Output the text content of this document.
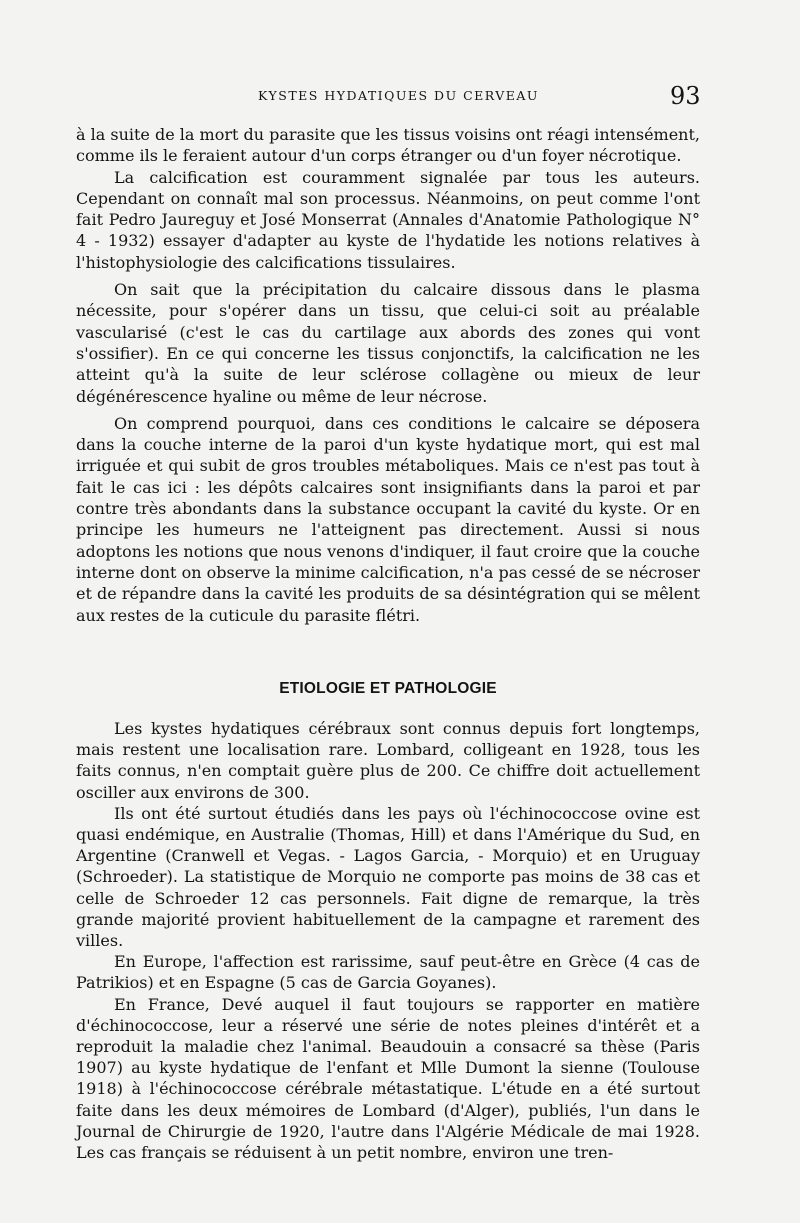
KYSTES HYDATIQUES DU CERVEAU	93

à la suite de la mort du parasite que les tissus voisins ont réagi intensément, comme ils le feraient autour d'un corps étranger ou d'un foyer nécrotique.

La calcification est couramment signalée par tous les auteurs. Cependant on connaît mal son processus. Néanmoins, on peut comme l'ont fait Pedro Jaureguy et José Monserrat (Annales d'Anatomie Pathologique N° 4 - 1932) essayer d'adapter au kyste de l'hydatide les notions relatives à l'histophysiologie des calcifications tissulaires.

On sait que la précipitation du calcaire dissous dans le plasma nécessite, pour s'opérer dans un tissu, que celui-ci soit au préalable vascularisé (c'est le cas du cartilage aux abords des zones qui vont s'ossifier). En ce qui concerne les tissus conjonctifs, la calcification ne les atteint qu'à la suite de leur sclérose collagène ou mieux de leur dégénérescence hyaline ou même de leur nécrose.

On comprend pourquoi, dans ces conditions le calcaire se déposera dans la couche interne de la paroi d'un kyste hydatique mort, qui est mal irriguée et qui subit de gros troubles métaboliques. Mais ce n'est pas tout à fait le cas ici : les dépôts calcaires sont insignifiants dans la paroi et par contre très abondants dans la substance occupant la cavité du kyste. Or en principe les humeurs ne l'atteignent pas directement. Aussi si nous adoptons les notions que nous venons d'indiquer, il faut croire que la couche interne dont on observe la minime calcification, n'a pas cessé de se nécroser et de répandre dans la cavité les produits de sa désintégration qui se mêlent aux restes de la cuticule du parasite flétri.

ETIOLOGIE ET PATHOLOGIE

Les kystes hydatiques cérébraux sont connus depuis fort longtemps, mais restent une localisation rare. Lombard, colligeant en 1928, tous les faits connus, n'en comptait guère plus de 200. Ce chiffre doit actuellement osciller aux environs de 300.

Ils ont été surtout étudiés dans les pays où l'échinococcose ovine est quasi endémique, en Australie (Thomas, Hill) et dans l'Amérique du Sud, en Argentine (Cranwell et Vegas. - Lagos Garcia, - Morquio) et en Uruguay (Schroeder). La statistique de Morquio ne comporte pas moins de 38 cas et celle de Schroeder 12 cas personnels. Fait digne de remarque, la très grande majorité provient habituellement de la campagne et rarement des villes.

En Europe, l'affection est rarissime, sauf peut-être en Grèce (4 cas de Patrikios) et en Espagne (5 cas de Garcia Goyanes).

En France, Devé auquel il faut toujours se rapporter en matière d'échinococcose, leur a réservé une série de notes pleines d'intérêt et a reproduit la maladie chez l'animal. Beaudouin a consacré sa thèse (Paris 1907) au kyste hydatique de l'enfant et Mlle Dumont la sienne (Toulouse 1918) à l'échinococcose cérébrale métastatique. L'étude en a été surtout faite dans les deux mémoires de Lombard (d'Alger), publiés, l'un dans le Journal de Chirurgie de 1920, l'autre dans l'Algérie Médicale de mai 1928. Les cas français se réduisent à un petit nombre, environ une tren-
